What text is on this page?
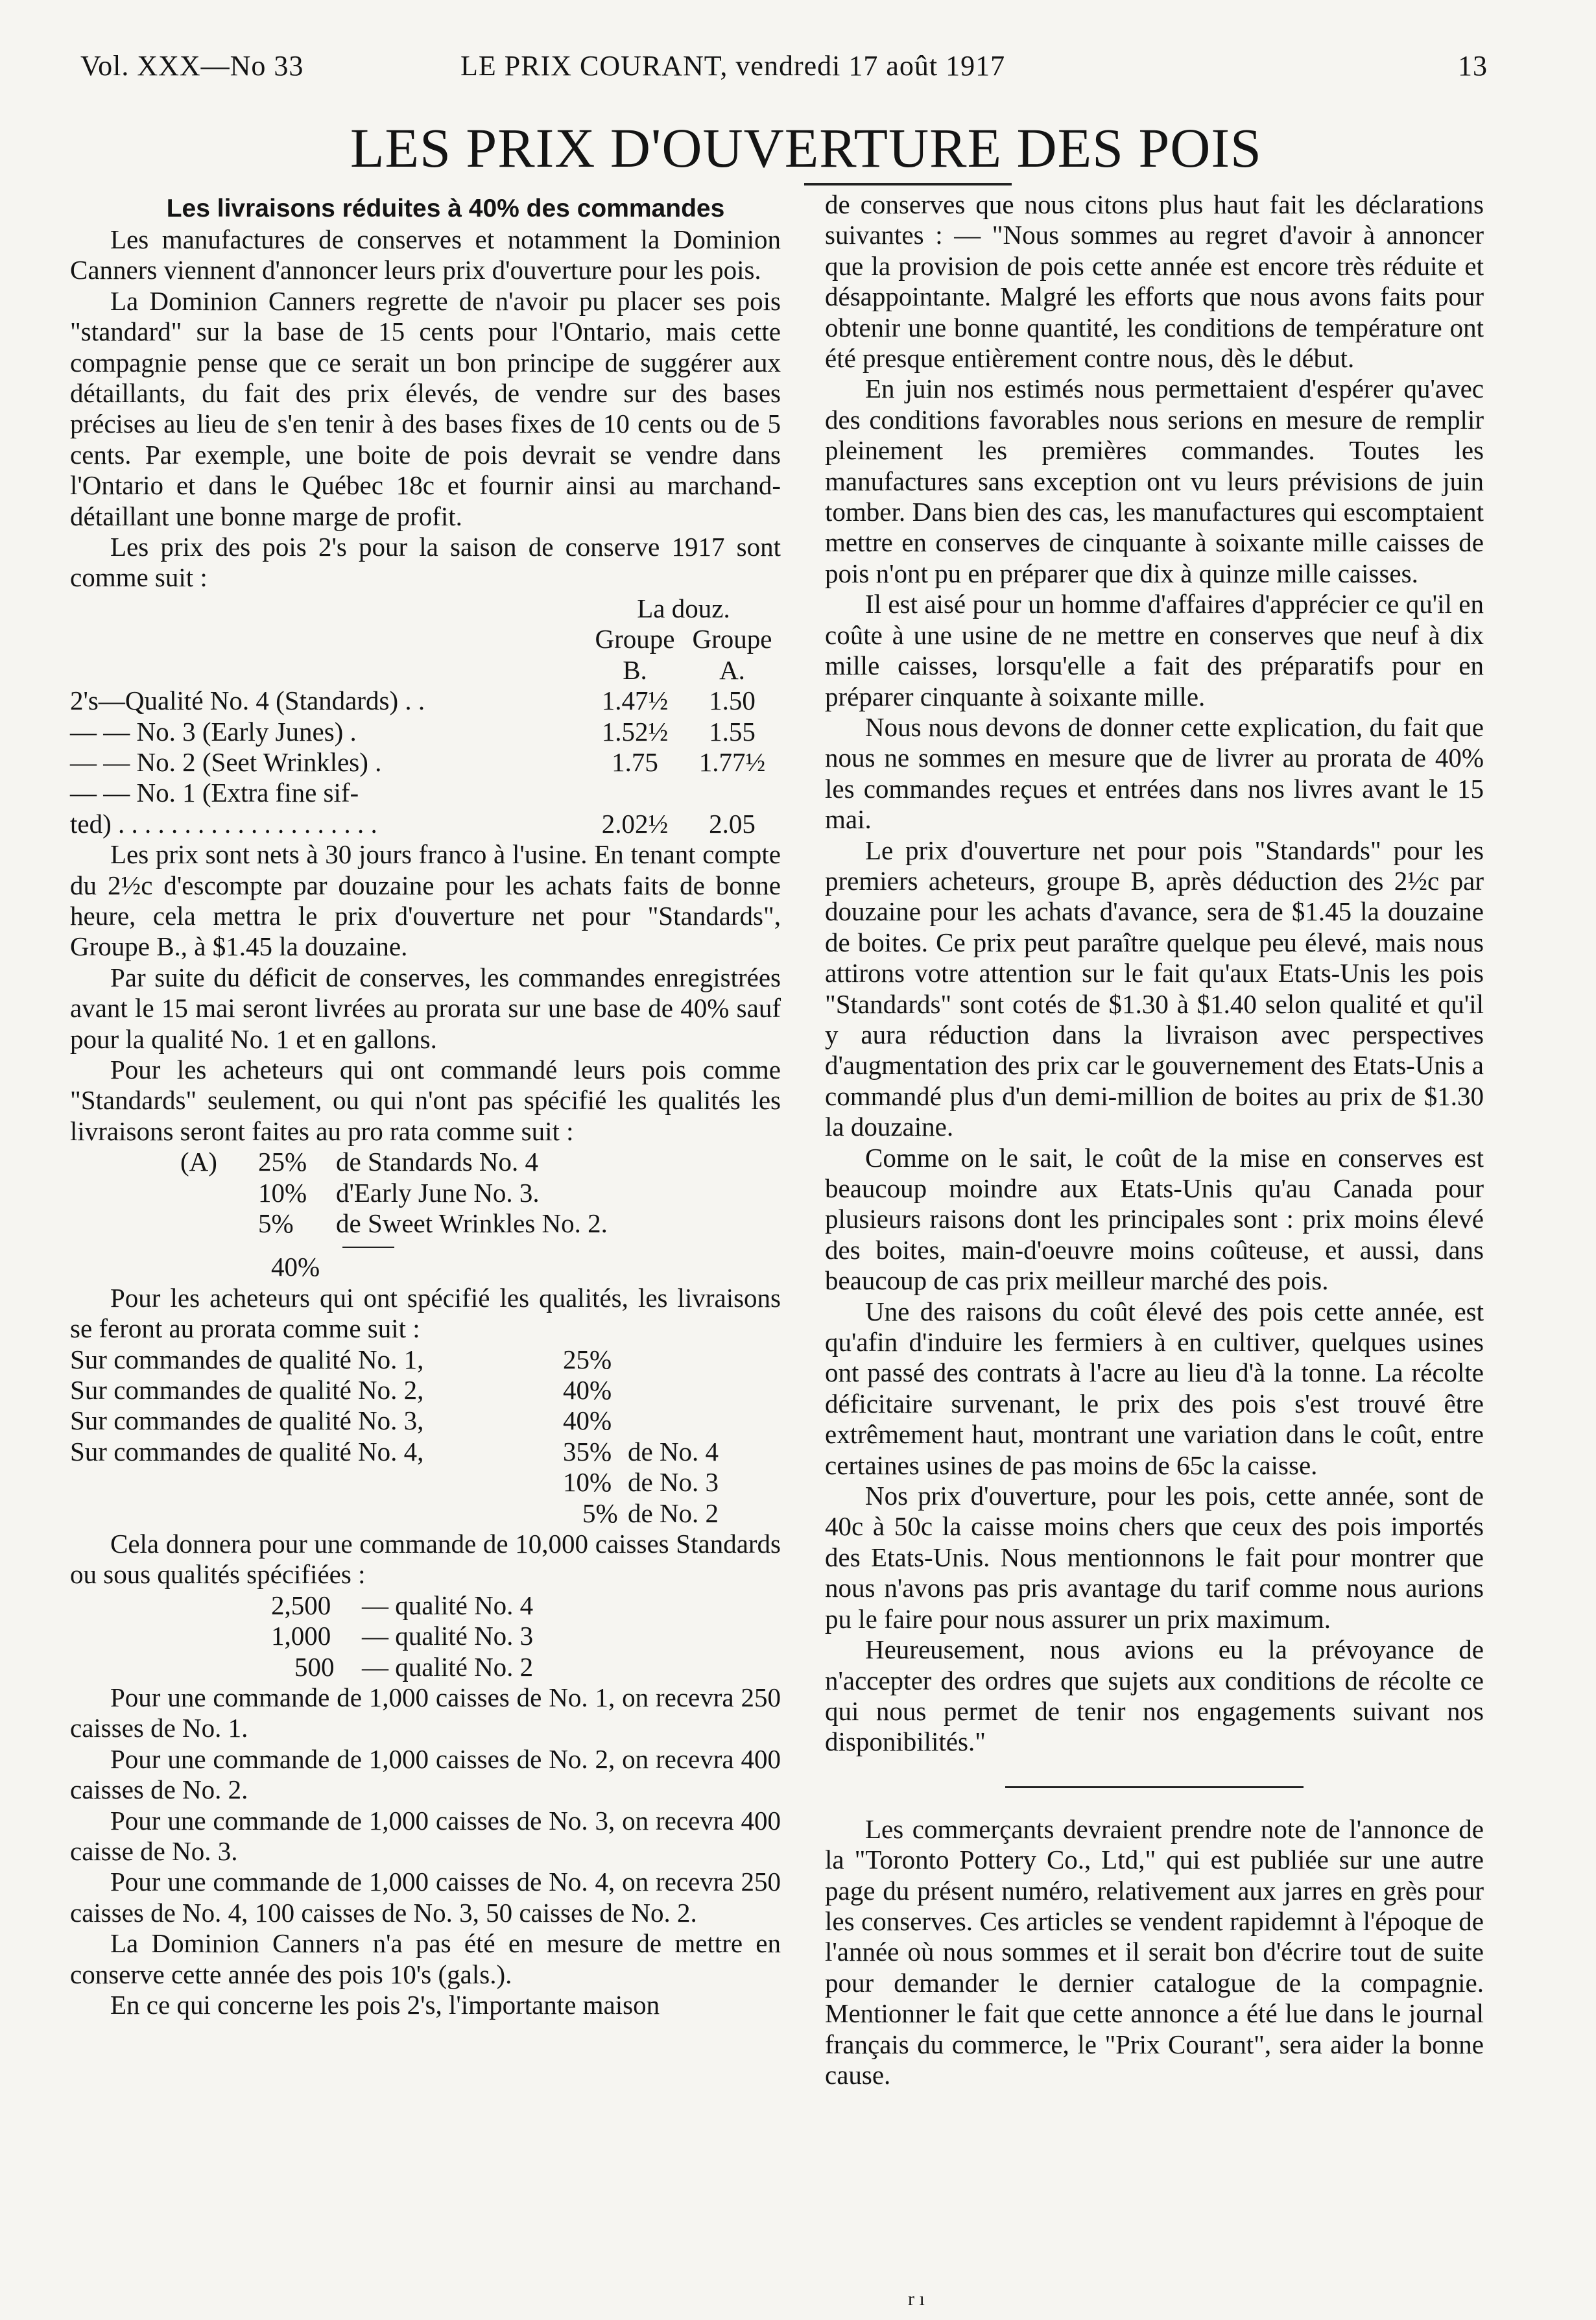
Vol. XXX—No 33	LE PRIX COURANT, vendredi 17 août 1917	13
LES PRIX D'OUVERTURE DES POIS

Les livraisons réduites à 40% des commandes

Les manufactures de conserves et notamment la Dominion Canners viennent d'annoncer leurs prix d'ouverture pour les pois.

La Dominion Canners regrette de n'avoir pu placer ses pois "standard" sur la base de 15 cents pour l'Ontario, mais cette compagnie pense que ce serait un bon principe de suggérer aux détaillants, du fait des prix élevés, de vendre sur des bases précises au lieu de s'en tenir à des bases fixes de 10 cents ou de 5 cents. Par exemple, une boite de pois devrait se vendre dans l'Ontario et dans le Québec 18c et fournir ainsi au marchand-détaillant une bonne marge de profit.

Les prix des pois 2's pour la saison de conserve 1917 sont comme suit :

	La douz.	
	Groupe	Groupe
	B.	A.
2's—Qualité No. 4 (Standards) . .	1.47½	1.50
— — No. 3 (Early Junes) .	1.52½	1.55
— — No. 2 (Seet Wrinkles) .	1.75	1.77½
— — No. 1 (Extra fine sif-		
ted) . . . . . . . . . . . . . . . . . . . .	2.02½	2.05

Les prix sont nets à 30 jours franco à l'usine. En tenant compte du 2½c d'escompte par douzaine pour les achats faits de bonne heure, cela mettra le prix d'ouverture net pour "Standards", Groupe B., à $1.45 la douzaine.

Par suite du déficit de conserves, les commandes enregistrées avant le 15 mai seront livrées au prorata sur une base de 40% sauf pour la qualité No. 1 et en gallons.

Pour les acheteurs qui ont commandé leurs pois comme "Standards" seulement, ou qui n'ont pas spécifié les qualités les livraisons seront faites au pro rata comme suit :

(A) 25% de Standards No. 4
10% d'Early June No. 3.
5% de Sweet Wrinkles No. 2.
40%

Pour les acheteurs qui ont spécifié les qualités, les livraisons se feront au prorata comme suit :

Sur commandes de qualité No. 1,	25%
Sur commandes de qualité No. 2,	40%
Sur commandes de qualité No. 3,	40%
Sur commandes de qualité No. 4,	35% de No. 4
10% de No. 3
5% de No. 2

Cela donnera pour une commande de 10,000 caisses Standards ou sous qualités spécifiées :

2,500 — qualité No. 4
1,000 — qualité No. 3
500 — qualité No. 2

Pour une commande de 1,000 caisses de No. 1, on recevra 250 caisses de No. 1.

Pour une commande de 1,000 caisses de No. 2, on recevra 400 caisses de No. 2.

Pour une commande de 1,000 caisses de No. 3, on recevra 400 caisse de No. 3.

Pour une commande de 1,000 caisses de No. 4, on recevra 250 caisses de No. 4, 100 caisses de No. 3, 50 caisses de No. 2.

La Dominion Canners n'a pas été en mesure de mettre en conserve cette année des pois 10's (gals.).

En ce qui concerne les pois 2's, l'importante maison

de conserves que nous citons plus haut fait les déclarations suivantes : — "Nous sommes au regret d'avoir à annoncer que la provision de pois cette année est encore très réduite et désappointante. Malgré les efforts que nous avons faits pour obtenir une bonne quantité, les conditions de température ont été presque entièrement contre nous, dès le début.

En juin nos estimés nous permettaient d'espérer qu'avec des conditions favorables nous serions en mesure de remplir pleinement les premières commandes. Toutes les manufactures sans exception ont vu leurs prévisions de juin tomber. Dans bien des cas, les manufactures qui escomptaient mettre en conserves de cinquante à soixante mille caisses de pois n'ont pu en préparer que dix à quinze mille caisses.

Il est aisé pour un homme d'affaires d'apprécier ce qu'il en coûte à une usine de ne mettre en conserves que neuf à dix mille caisses, lorsqu'elle a fait des préparatifs pour en préparer cinquante à soixante mille.

Nous nous devons de donner cette explication, du fait que nous ne sommes en mesure que de livrer au prorata de 40% les commandes reçues et entrées dans nos livres avant le 15 mai.

Le prix d'ouverture net pour pois "Standards" pour les premiers acheteurs, groupe B, après déduction des 2½c par douzaine pour les achats d'avance, sera de $1.45 la douzaine de boites. Ce prix peut paraître quelque peu élevé, mais nous attirons votre attention sur le fait qu'aux Etats-Unis les pois "Standards" sont cotés de $1.30 à $1.40 selon qualité et qu'il y aura réduction dans la livraison avec perspectives d'augmentation des prix car le gouvernement des Etats-Unis a commandé plus d'un demi-million de boites au prix de $1.30 la douzaine.

Comme on le sait, le coût de la mise en conserves est beaucoup moindre aux Etats-Unis qu'au Canada pour plusieurs raisons dont les principales sont : prix moins élevé des boites, main-d'oeuvre moins coûteuse, et aussi, dans beaucoup de cas prix meilleur marché des pois.

Une des raisons du coût élevé des pois cette année, est qu'afin d'induire les fermiers à en cultiver, quelques usines ont passé des contrats à l'acre au lieu d'à la tonne. La récolte déficitaire survenant, le prix des pois s'est trouvé être extrêmement haut, montrant une variation dans le coût, entre certaines usines de pas moins de 65c la caisse.

Nos prix d'ouverture, pour les pois, cette année, sont de 40c à 50c la caisse moins chers que ceux des pois importés des Etats-Unis. Nous mentionnons le fait pour montrer que nous n'avons pas pris avantage du tarif comme nous aurions pu le faire pour nous assurer un prix maximum.

Heureusement, nous avions eu la prévoyance de n'accepter des ordres que sujets aux conditions de récolte ce qui nous permet de tenir nos engagements suivant nos disponibilités."

Les commerçants devraient prendre note de l'annonce de la "Toronto Pottery Co., Ltd," qui est publiée sur une autre page du présent numéro, relativement aux jarres en grès pour les conserves. Ces articles se vendent rapidemnt à l'époque de l'année où nous sommes et il serait bon d'écrire tout de suite pour demander le dernier catalogue de la compagnie. Mentionner le fait que cette annonce a été lue dans le journal français du commerce, le "Prix Courant", sera aider la bonne cause.

r ı
